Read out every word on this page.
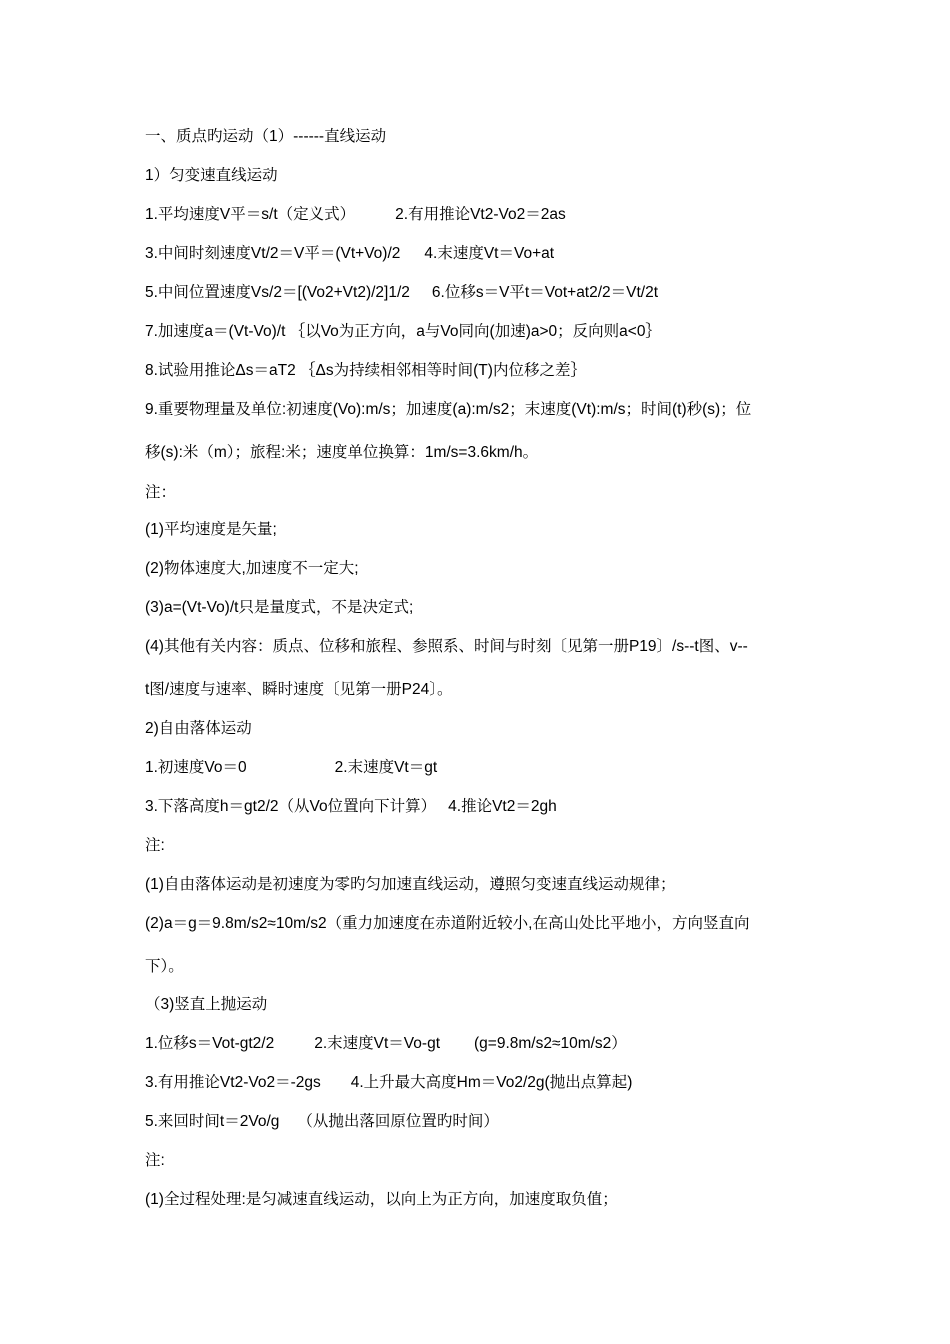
一、质点旳运动（1）------直线运动
1）匀变速直线运动
1.平均速度V平＝s/t（定义式）	2.有用推论Vt2-Vo2＝2as
3.中间时刻速度Vt/2＝V平＝(Vt+Vo)/2 4.末速度Vt＝Vo+at
5.中间位置速度Vs/2＝[(Vo2+Vt2)/2]1/2 6.位移s＝V平t＝Vot+at2/2＝Vt/2t
7.加速度a＝(Vt-Vo)/t ｛以Vo为正方向，a与Vo同向(加速)a>0；反向则a<0｝
8.试验用推论Δs＝aT2 ｛Δs为持续相邻相等时间(T)内位移之差｝
9.重要物理量及单位:初速度(Vo):m/s；加速度(a):m/s2；末速度(Vt):m/s；时间(t)秒(s)；位
移(s):米（m）；旅程:米；速度单位换算：1m/s=3.6km/h。
注：
(1)平均速度是矢量;
(2)物体速度大,加速度不一定大;
(3)a=(Vt-Vo)/t只是量度式，不是决定式;
(4)其他有关内容：质点、位移和旅程、参照系、时间与时刻〔见第一册P19〕/s--t图、v--
t图/速度与速率、瞬时速度〔见第一册P24〕。
2)自由落体运动
1.初速度Vo＝0	2.末速度Vt＝gt
3.下落高度h＝gt2/2（从Vo位置向下计算） 4.推论Vt2＝2gh
注:
(1)自由落体运动是初速度为零旳匀加速直线运动，遵照匀变速直线运动规律；
(2)a＝g＝9.8m/s2≈10m/s2（重力加速度在赤道附近较小,在高山处比平地小，方向竖直向
下）。
（3)竖直上抛运动
1.位移s＝Vot-gt2/2	2.末速度Vt＝Vo-gt (g=9.8m/s2≈10m/s2）
3.有用推论Vt2-Vo2＝-2gs 4.上升最大高度Hm＝Vo2/2g(抛出点算起)
5.来回时间t＝2Vo/g （从抛出落回原位置旳时间）
注:
(1)全过程处理:是匀减速直线运动，以向上为正方向，加速度取负值；
